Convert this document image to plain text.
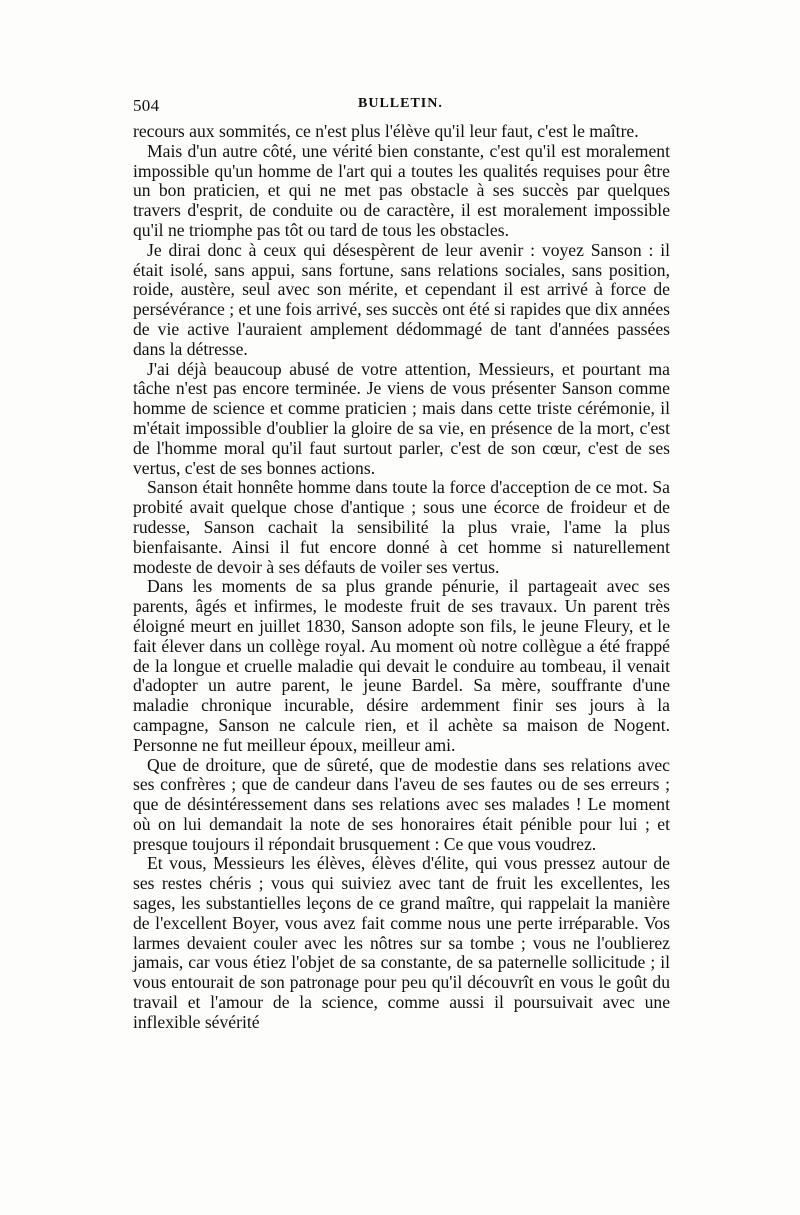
504	BULLETIN.

recours aux sommités, ce n'est plus l'élève qu'il leur faut, c'est le maître.

Mais d'un autre côté, une vérité bien constante, c'est qu'il est moralement impossible qu'un homme de l'art qui a toutes les qualités requises pour être un bon praticien, et qui ne met pas obstacle à ses succès par quelques travers d'esprit, de conduite ou de caractère, il est moralement impossible qu'il ne triomphe pas tôt ou tard de tous les obstacles.

Je dirai donc à ceux qui désespèrent de leur avenir : voyez Sanson : il était isolé, sans appui, sans fortune, sans relations sociales, sans position, roide, austère, seul avec son mérite, et cependant il est arrivé à force de persévérance ; et une fois arrivé, ses succès ont été si rapides que dix années de vie active l'auraient amplement dédommagé de tant d'années passées dans la détresse.

J'ai déjà beaucoup abusé de votre attention, Messieurs, et pourtant ma tâche n'est pas encore terminée. Je viens de vous présenter Sanson comme homme de science et comme praticien ; mais dans cette triste cérémonie, il m'était impossible d'oublier la gloire de sa vie, en présence de la mort, c'est de l'homme moral qu'il faut surtout parler, c'est de son cœur, c'est de ses vertus, c'est de ses bonnes actions.

Sanson était honnête homme dans toute la force d'acception de ce mot. Sa probité avait quelque chose d'antique ; sous une écorce de froideur et de rudesse, Sanson cachait la sensibilité la plus vraie, l'ame la plus bienfaisante. Ainsi il fut encore donné à cet homme si naturellement modeste de devoir à ses défauts de voiler ses vertus.

Dans les moments de sa plus grande pénurie, il partageait avec ses parents, âgés et infirmes, le modeste fruit de ses travaux. Un parent très éloigné meurt en juillet 1830, Sanson adopte son fils, le jeune Fleury, et le fait élever dans un collège royal. Au moment où notre collègue a été frappé de la longue et cruelle maladie qui devait le conduire au tombeau, il venait d'adopter un autre parent, le jeune Bardel. Sa mère, souffrante d'une maladie chronique incurable, désire ardemment finir ses jours à la campagne, Sanson ne calcule rien, et il achète sa maison de Nogent. Personne ne fut meilleur époux, meilleur ami.

Que de droiture, que de sûreté, que de modestie dans ses relations avec ses confrères ; que de candeur dans l'aveu de ses fautes ou de ses erreurs ; que de désintéressement dans ses relations avec ses malades ! Le moment où on lui demandait la note de ses honoraires était pénible pour lui ; et presque toujours il répondait brusquement : Ce que vous voudrez.

Et vous, Messieurs les élèves, élèves d'élite, qui vous pressez autour de ses restes chéris ; vous qui suiviez avec tant de fruit les excellentes, les sages, les substantielles leçons de ce grand maître, qui rappelait la manière de l'excellent Boyer, vous avez fait comme nous une perte irréparable. Vos larmes devaient couler avec les nôtres sur sa tombe ; vous ne l'oublierez jamais, car vous étiez l'objet de sa constante, de sa paternelle sollicitude ; il vous entourait de son patronage pour peu qu'il découvrît en vous le goût du travail et l'amour de la science, comme aussi il poursuivait avec une inflexible sévérité
